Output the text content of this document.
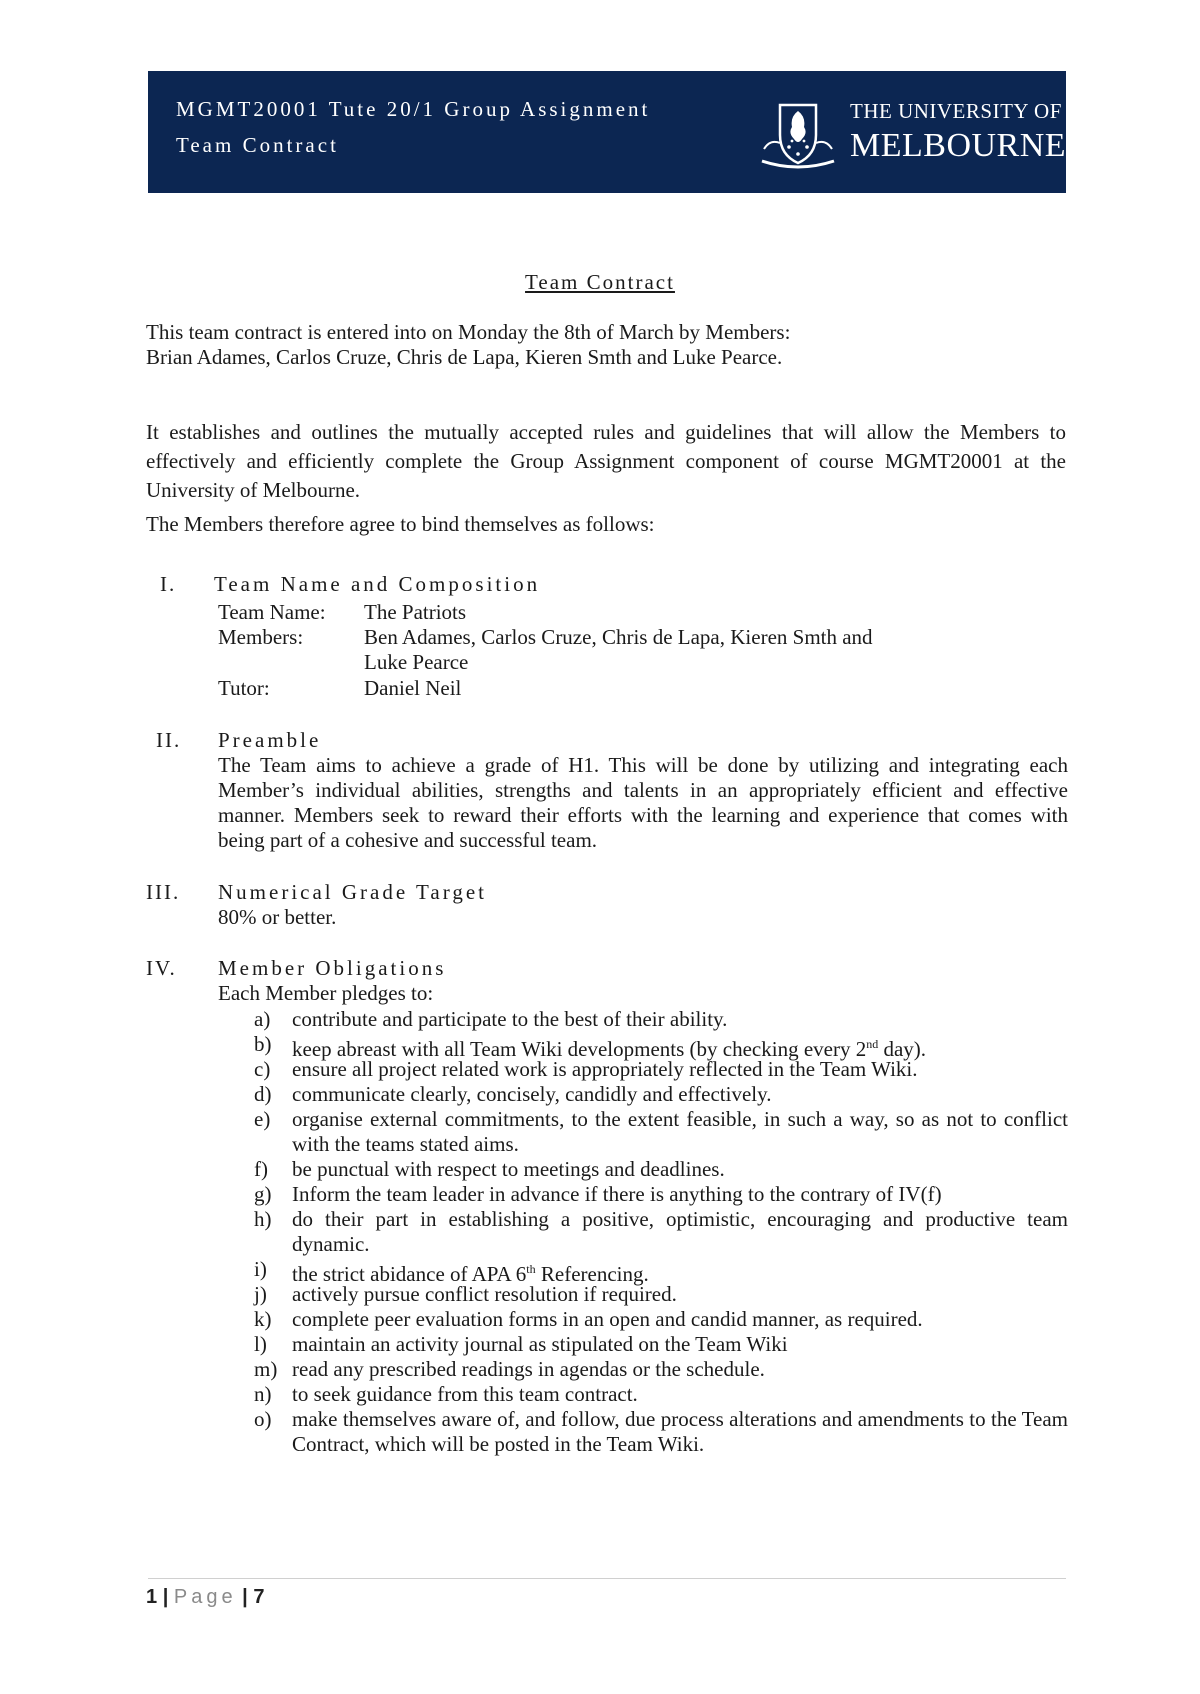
MGMT20001 Tute 20/1 Group Assignment
Team Contract
THE UNIVERSITY OF
MELBOURNE
Team Contract
This team contract is entered into on Monday the 8th of March by Members:
Brian Adames, Carlos Cruze, Chris de Lapa, Kieren Smth and Luke Pearce.
It establishes and outlines the mutually accepted rules and guidelines that will allow the Members to effectively and efficiently complete the Group Assignment component of course MGMT20001 at the University of Melbourne.
The Members therefore agree to bind themselves as follows:
I. Team Name and Composition
Team Name: The Patriots
Members:	Ben Adames, Carlos Cruze, Chris de Lapa, Kieren Smth and
Luke Pearce
Tutor:	Daniel Neil
II. Preamble
The Team aims to achieve a grade of H1. This will be done by utilizing and integrating each Member’s individual abilities, strengths and talents in an appropriately efficient and effective manner. Members seek to reward their efforts with the learning and experience that comes with being part of a cohesive and successful team.
III. Numerical Grade Target
80% or better.
IV. Member Obligations
Each Member pledges to:
a) contribute and participate to the best of their ability.
b) keep abreast with all Team Wiki developments (by checking every 2nd day).
c) ensure all project related work is appropriately reflected in the Team Wiki.
d) communicate clearly, concisely, candidly and effectively.
e) organise external commitments, to the extent feasible, in such a way, so as not to conflict with the teams stated aims.
f) be punctual with respect to meetings and deadlines.
g) Inform the team leader in advance if there is anything to the contrary of IV(f)
h) do their part in establishing a positive, optimistic, encouraging and productive team dynamic.
i) the strict abidance of APA 6th Referencing.
j) actively pursue conflict resolution if required.
k) complete peer evaluation forms in an open and candid manner, as required.
l) maintain an activity journal as stipulated on the Team Wiki
m) read any prescribed readings in agendas or the schedule.
n) to seek guidance from this team contract.
o) make themselves aware of, and follow, due process alterations and amendments to the Team Contract, which will be posted in the Team Wiki.
1 | Page | 7
